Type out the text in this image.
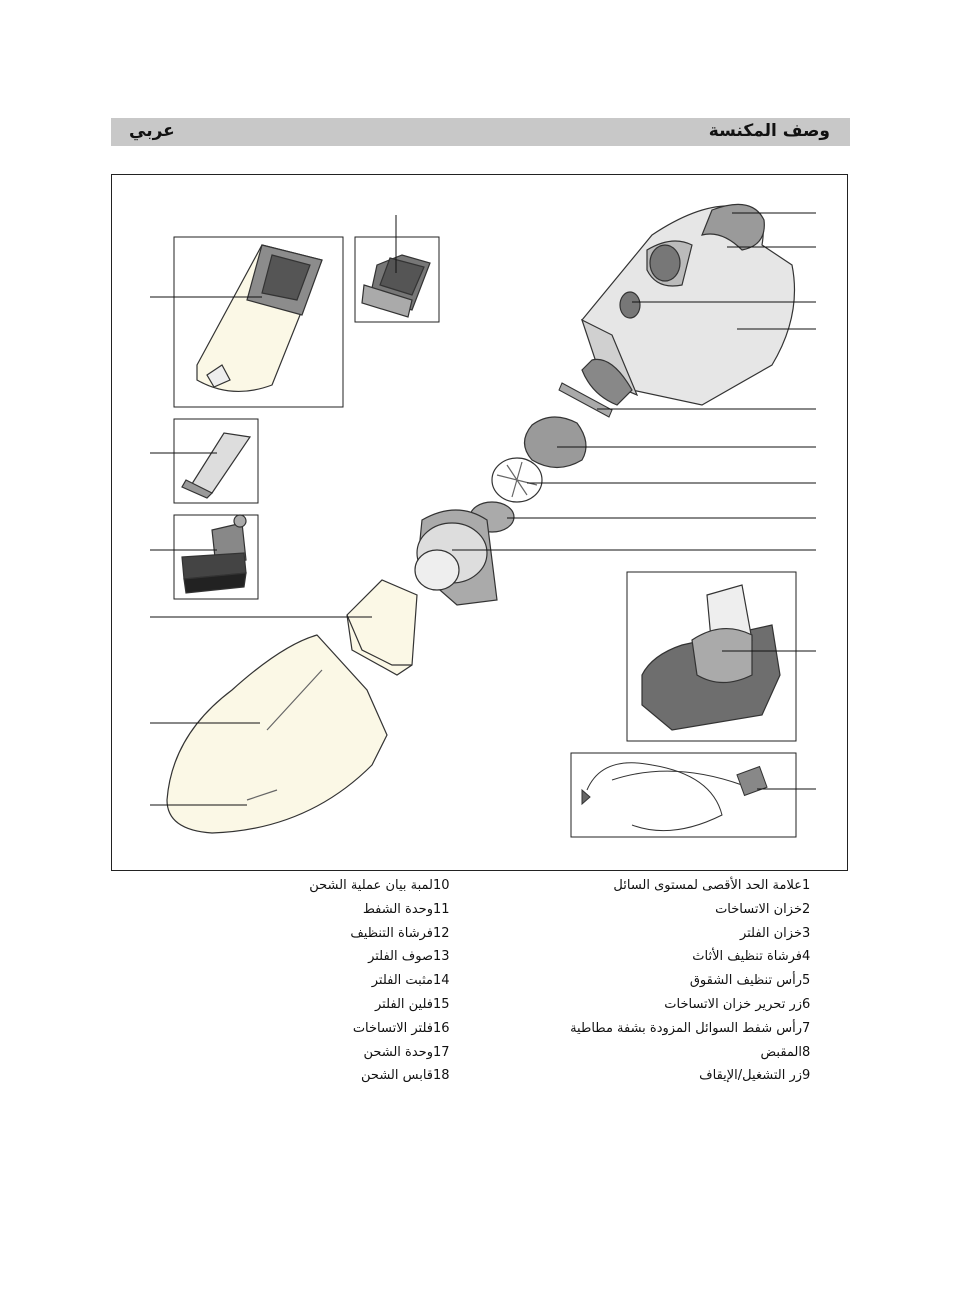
وصف المكنسة
عربي
1علامة الحد الأقصى لمستوى السائل
2خزان الاتساخات
3خزان الفلتر
4فرشاة تنظيف الأثاث
5رأس تنظيف الشقوق
6زر تحرير خزان الاتساخات
7رأس شفط السوائل المزودة بشفة مطاطية
8المقبض
9زر التشغيل/الإيقاف
10لمبة بيان عملية الشحن
11وحدة الشفط
12فرشاة التنظيف
13صوف الفلتر
14مثبت الفلتر
15فلين الفلتر
16فلتر الاتساخات
17وحدة الشحن
18قابس الشحن
